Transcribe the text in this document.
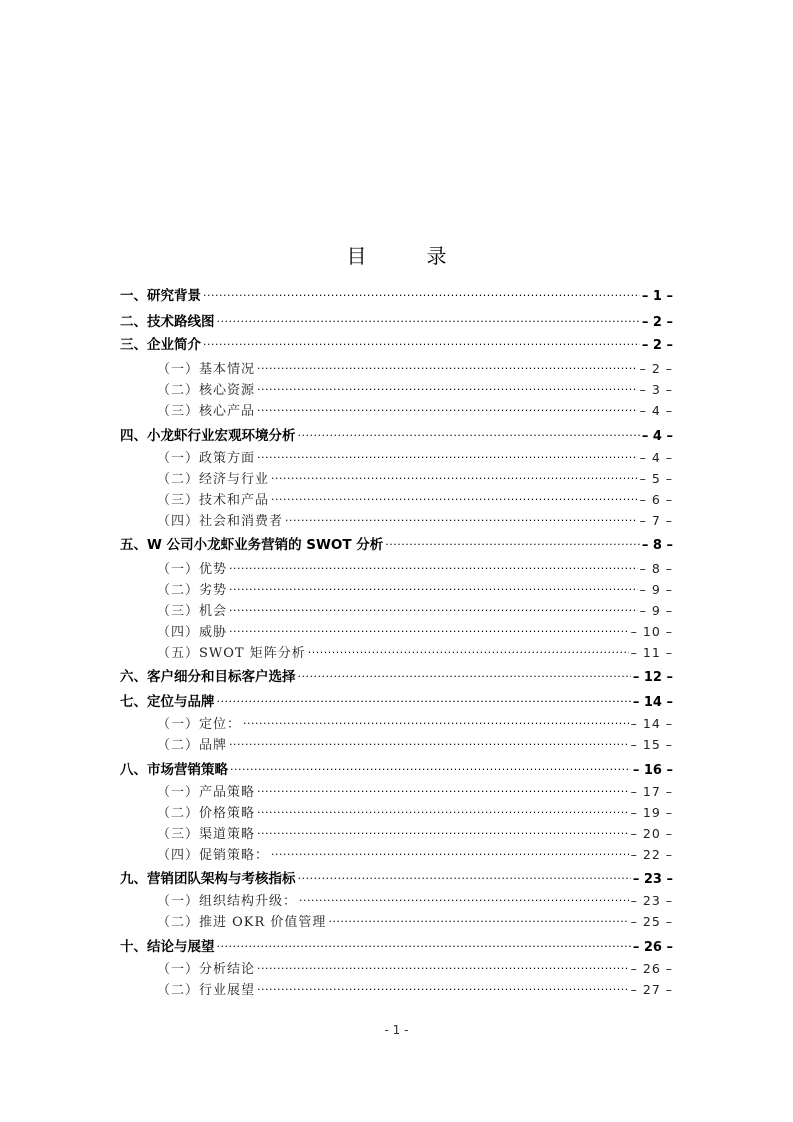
目　录
一、研究背景 .....	– 1 –
二、技术路线图 .....	– 2 –
三、企业简介 .....	– 2 –
（一）基本情况 .....	– 2 –
（二）核心资源 .....	– 3 –
（三）核心产品 .....	– 4 –
四、小龙虾行业宏观环境分析 .....	– 4 –
（一）政策方面 .....	– 4 –
（二）经济与行业 .....	– 5 –
（三）技术和产品 .....	– 6 –
（四）社会和消费者 .....	– 7 –
五、W 公司小龙虾业务营销的 SWOT 分析 .....	– 8 –
（一）优势 .....	– 8 –
（二）劣势 .....	– 9 –
（三）机会 .....	– 9 –
（四）威胁 .....	– 10 –
（五）SWOT 矩阵分析 .....	– 11 –
六、客户细分和目标客户选择 .....	– 12 –
七、定位与品牌 .....	– 14 –
（一）定位： .....	– 14 –
（二）品牌 .....	– 15 –
八、市场营销策略 .....	– 16 –
（一）产品策略 .....	– 17 –
（二）价格策略 .....	– 19 –
（三）渠道策略 .....	– 20 –
（四）促销策略： .....	– 22 –
九、营销团队架构与考核指标 .....	– 23 –
（一）组织结构升级： .....	– 23 –
（二）推进 OKR 价值管理 .....	– 25 –
十、结论与展望 .....	– 26 –
（一）分析结论 .....	– 26 –
（二）行业展望 .....	– 27 –
- 1 -
